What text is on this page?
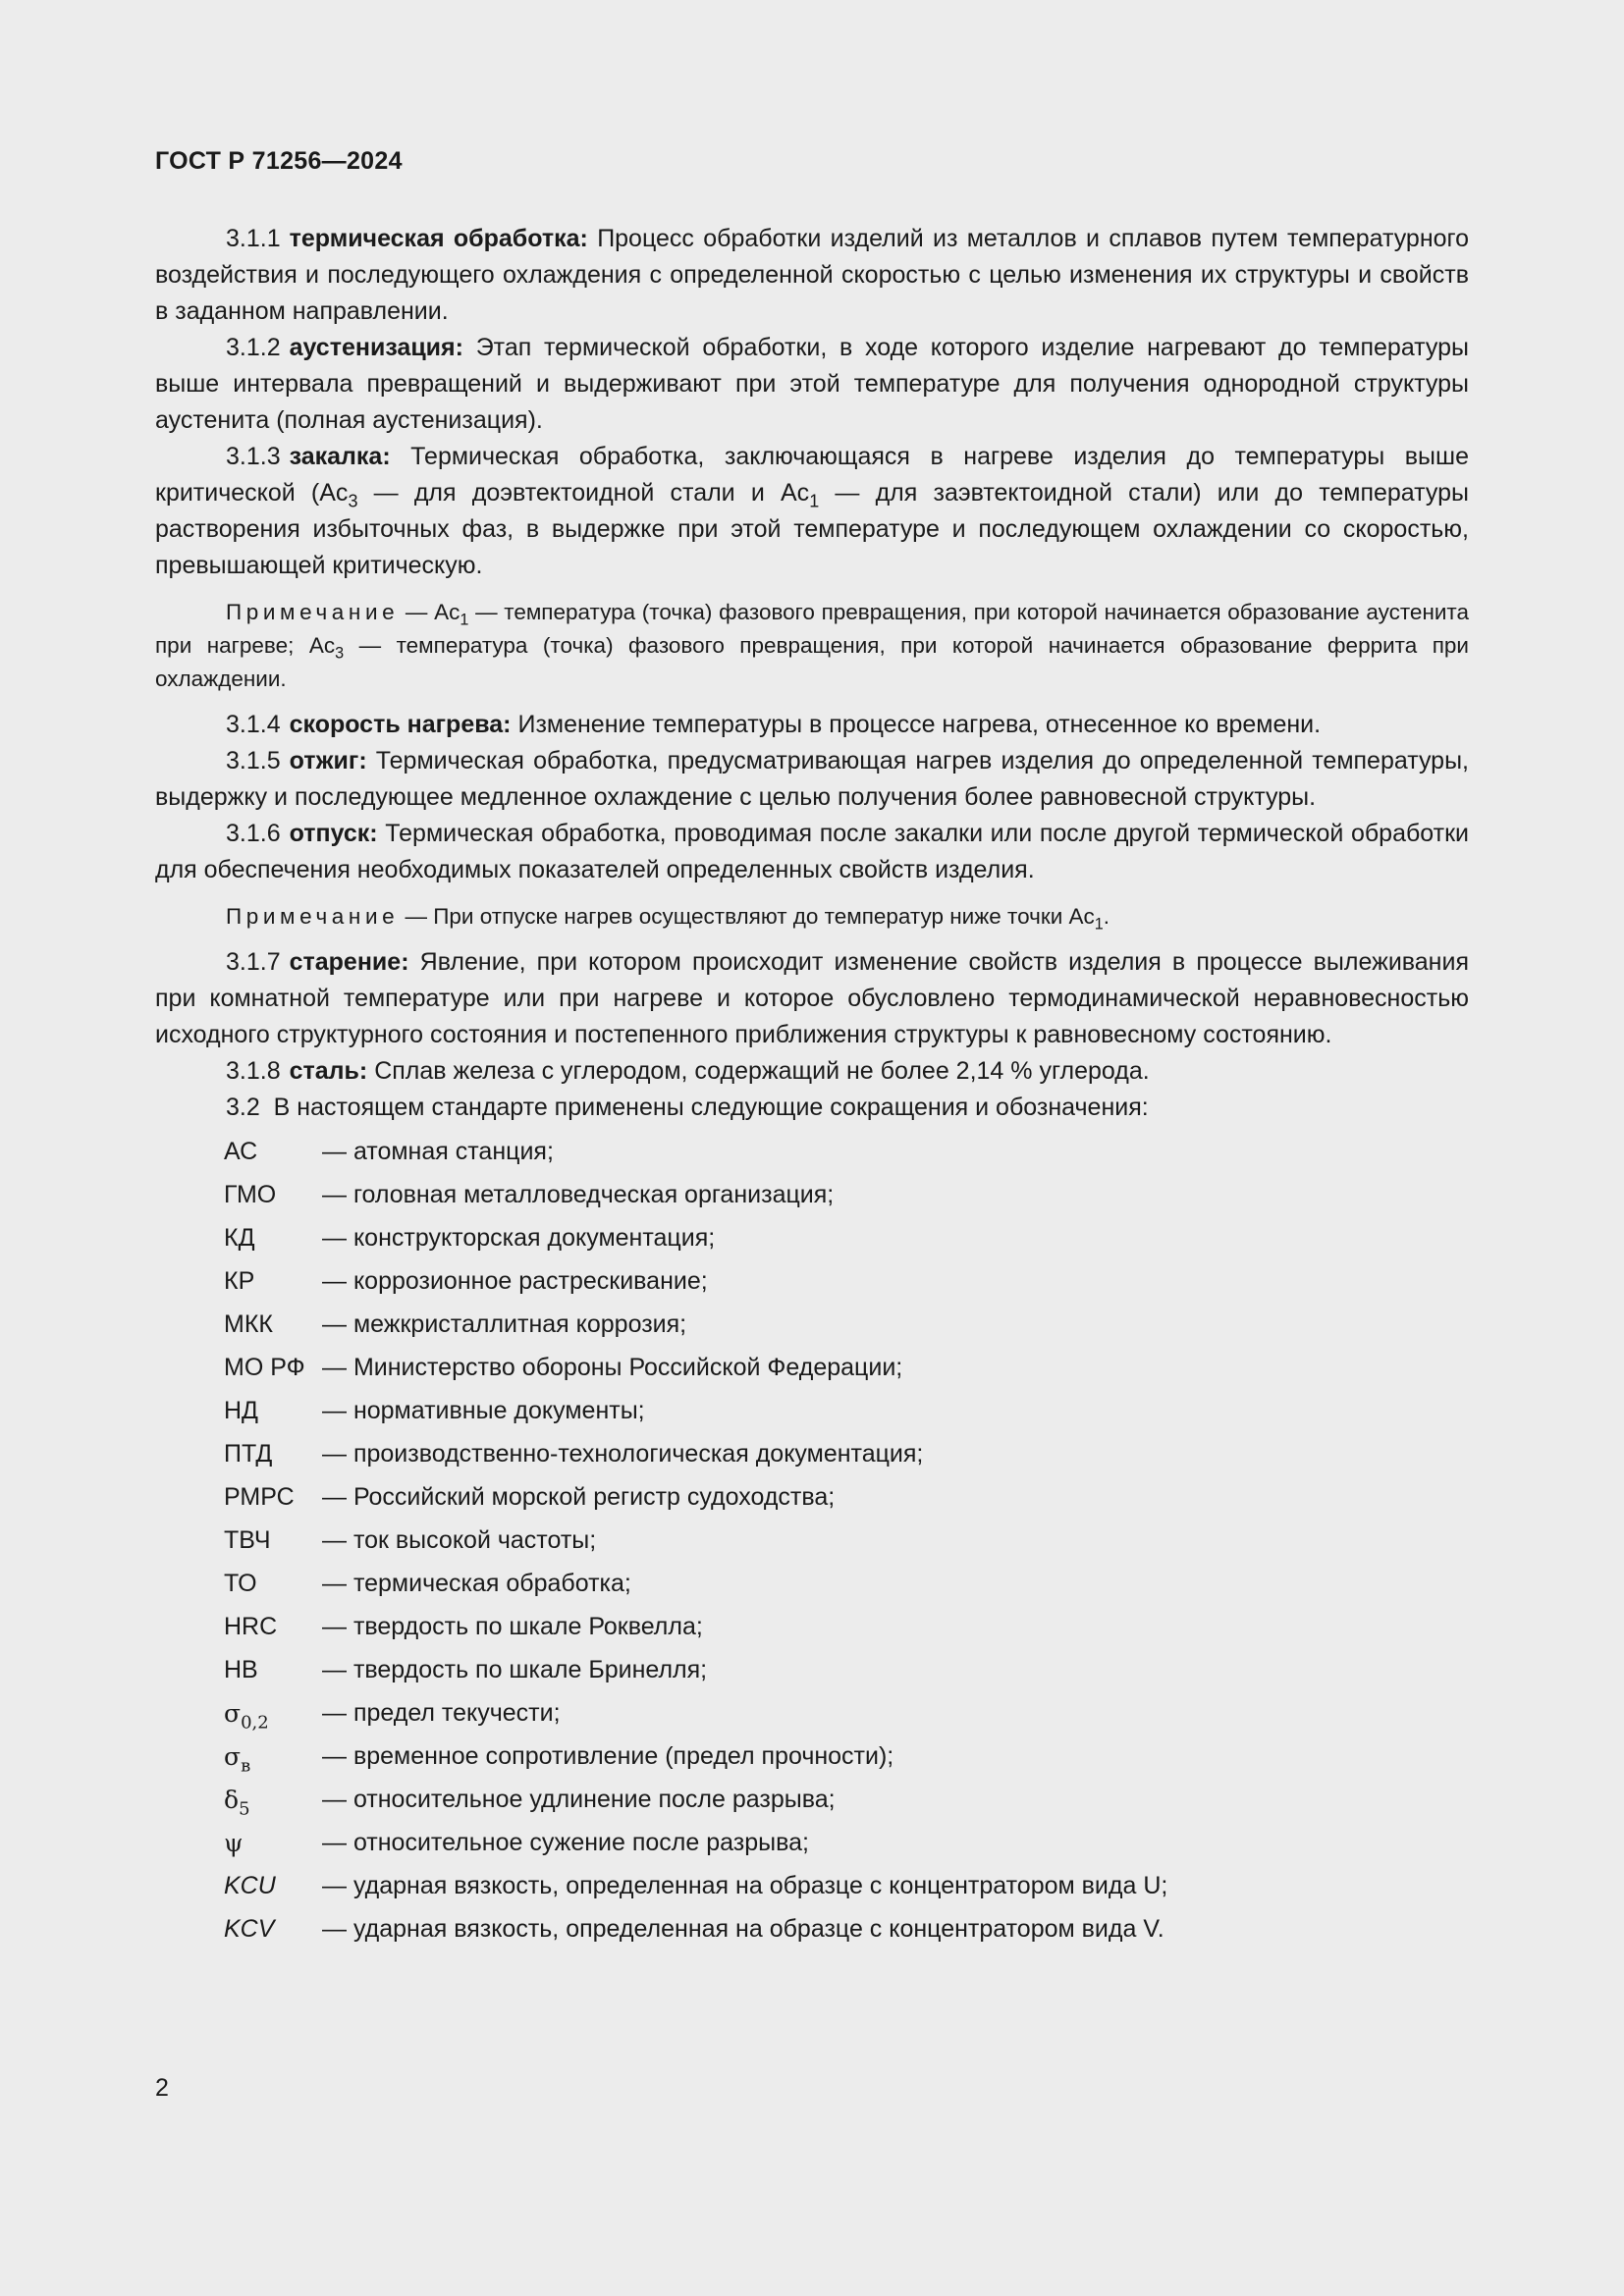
ГОСТ Р 71256—2024

3.1.1 термическая обработка: Процесс обработки изделий из металлов и сплавов путем температурного воздействия и последующего охлаждения с определенной скоростью с целью изменения их структуры и свойств в заданном направлении.

3.1.2 аустенизация: Этап термической обработки, в ходе которого изделие нагревают до температуры выше интервала превращений и выдерживают при этой температуре для получения однородной структуры аустенита (полная аустенизация).

3.1.3 закалка: Термическая обработка, заключающаяся в нагреве изделия до температуры выше критической ($Ac_3$ — для доэвтектоидной стали и $Ac_1$ — для заэвтектоидной стали) или до температуры растворения избыточных фаз, в выдержке при этой температуре и последующем охлаждении со скоростью, превышающей критическую.

Примечание — $Ac_1$ — температура (точка) фазового превращения, при которой начинается образование аустенита при нагреве; $Ac_3$ — температура (точка) фазового превращения, при которой начинается образование феррита при охлаждении.

3.1.4 скорость нагрева: Изменение температуры в процессе нагрева, отнесенное ко времени.

3.1.5 отжиг: Термическая обработка, предусматривающая нагрев изделия до определенной температуры, выдержку и последующее медленное охлаждение с целью получения более равновесной структуры.

3.1.6 отпуск: Термическая обработка, проводимая после закалки или после другой термической обработки для обеспечения необходимых показателей определенных свойств изделия.

Примечание — При отпуске нагрев осуществляют до температур ниже точки $Ac_1$.

3.1.7 старение: Явление, при котором происходит изменение свойств изделия в процессе вылеживания при комнатной температуре или при нагреве и которое обусловлено термодинамической неравновесностью исходного структурного состояния и постепенного приближения структуры к равновесному состоянию.

3.1.8 сталь: Сплав железа с углеродом, содержащий не более 2,14 % углерода.

3.2 В настоящем стандарте применены следующие сокращения и обозначения:

АС	— атомная станция;
ГМО	— головная металловедческая организация;
КД	— конструкторская документация;
КР	— коррозионное растрескивание;
МКК	— межкристаллитная коррозия;
МО РФ — Министерство обороны Российской Федерации;
НД	— нормативные документы;
ПТД	— производственно-технологическая документация;
РМРС	— Российский морской регистр судоходства;
ТВЧ	— ток высокой частоты;
ТО	— термическая обработка;
HRC	— твердость по шкале Роквелла;
НВ	— твердость по шкале Бринелля;
$\sigma_{0,2}$	— предел текучести;
$\sigma_в$	— временное сопротивление (предел прочности);
$\delta_5$	— относительное удлинение после разрыва;
ψ	— относительное сужение после разрыва;
KCU	— ударная вязкость, определенная на образце с концентратором вида U;
KCV	— ударная вязкость, определенная на образце с концентратором вида V.
2
